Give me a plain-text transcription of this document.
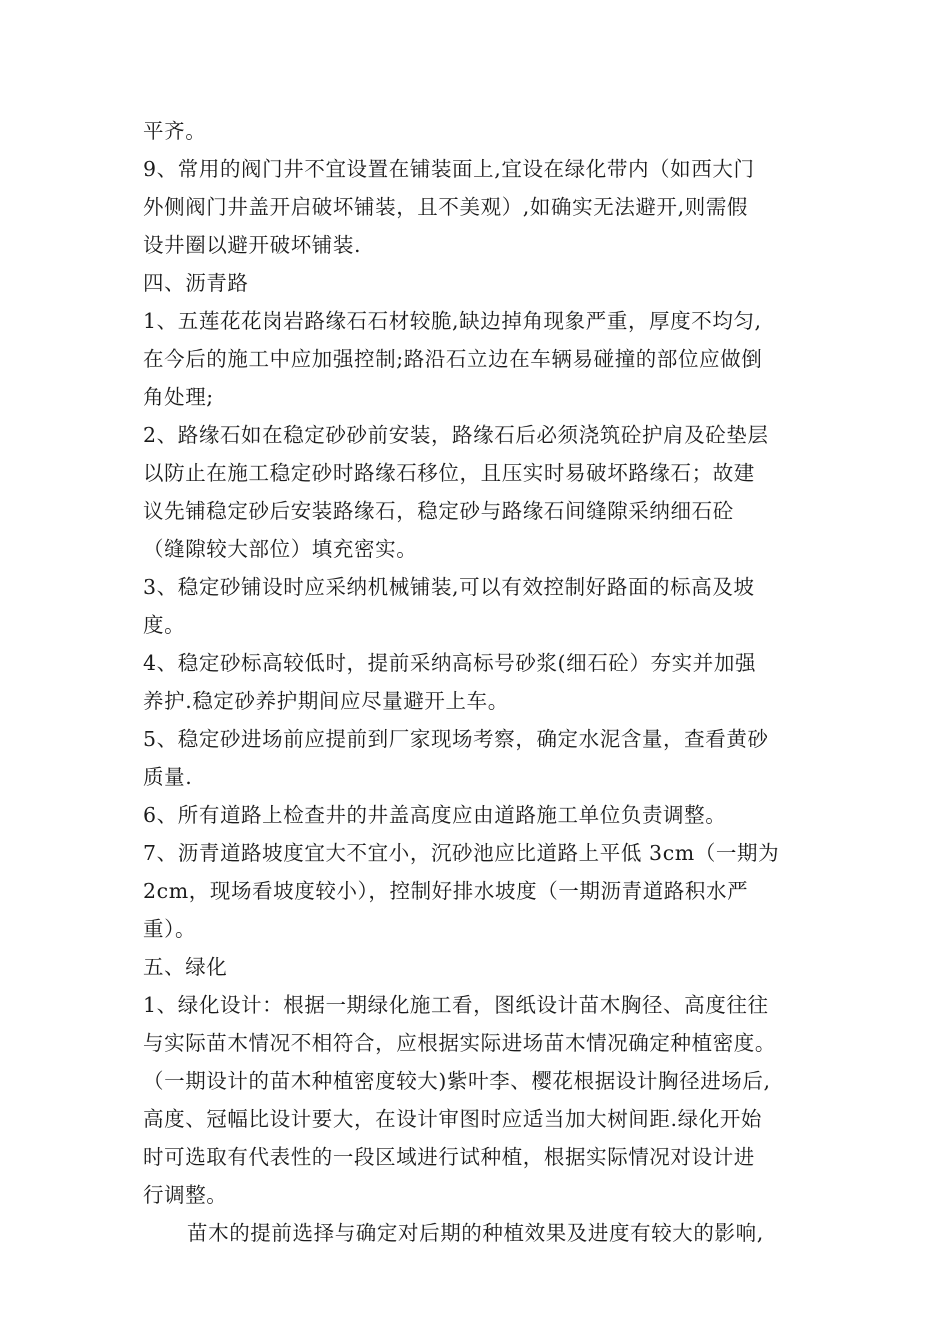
平齐。
9、常用的阀门井不宜设置在铺装面上,宜设在绿化带内（如西大门
外侧阀门井盖开启破坏铺装，且不美观）,如确实无法避开,则需假
设井圈以避开破坏铺装.
四、沥青路
1、五莲花花岗岩路缘石石材较脆,缺边掉角现象严重，厚度不均匀,
在今后的施工中应加强控制;路沿石立边在车辆易碰撞的部位应做倒
角处理;
2、路缘石如在稳定砂砂前安装，路缘石后必须浇筑砼护肩及砼垫层
以防止在施工稳定砂时路缘石移位，且压实时易破坏路缘石；故建
议先铺稳定砂后安装路缘石，稳定砂与路缘石间缝隙采纳细石砼
（缝隙较大部位）填充密实。
3、稳定砂铺设时应采纳机械铺装,可以有效控制好路面的标高及坡
度。
4、稳定砂标高较低时，提前采纳高标号砂浆(细石砼）夯实并加强
养护.稳定砂养护期间应尽量避开上车。
5、稳定砂进场前应提前到厂家现场考察，确定水泥含量，查看黄砂
质量.
6、所有道路上检查井的井盖高度应由道路施工单位负责调整。
7、沥青道路坡度宜大不宜小，沉砂池应比道路上平低 3cm（一期为
2cm，现场看坡度较小），控制好排水坡度（一期沥青道路积水严
重）。
五、绿化
1、绿化设计：根据一期绿化施工看，图纸设计苗木胸径、高度往往
与实际苗木情况不相符合，应根据实际进场苗木情况确定种植密度。
（一期设计的苗木种植密度较大)紫叶李、樱花根据设计胸径进场后,
高度、冠幅比设计要大，在设计审图时应适当加大树间距.绿化开始
时可选取有代表性的一段区域进行试种植，根据实际情况对设计进
行调整。
苗木的提前选择与确定对后期的种植效果及进度有较大的影响,
